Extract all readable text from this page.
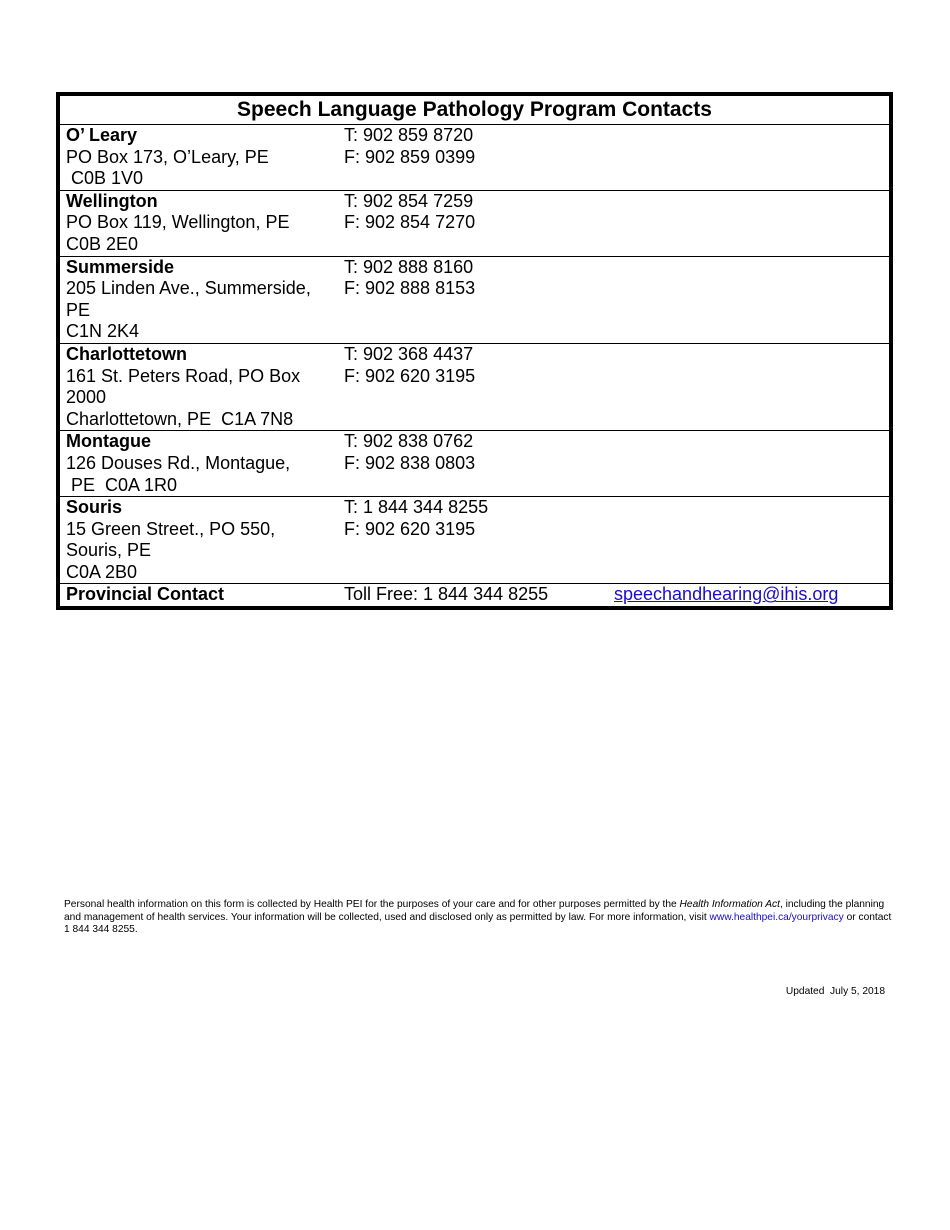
Speech Language Pathology Program Contacts
O’ Leary
PO Box 173, O’Leary, PE
C0B 1V0
T: 902 859 8720
F: 902 859 0399
Wellington
PO Box 119, Wellington, PE
C0B 2E0
T: 902 854 7259
F: 902 854 7270
Summerside
205 Linden Ave., Summerside,
PE
C1N 2K4
T: 902 888 8160
F: 902 888 8153
Charlottetown
161 St. Peters Road, PO Box
2000
Charlottetown, PE  C1A 7N8
T: 902 368 4437
F: 902 620 3195
Montague
126 Douses Rd., Montague,
PE  C0A 1R0
T: 902 838 0762
F: 902 838 0803
Souris
15 Green Street., PO 550,
Souris, PE
C0A 2B0
T: 1 844 344 8255
F: 902 620 3195
Provincial Contact	Toll Free: 1 844 344 8255	speechandhearing@ihis.org
Personal health information on this form is collected by Health PEI for the purposes of your care and for other purposes permitted by the Health Information Act, including the planning and management of health services. Your information will be collected, used and disclosed only as permitted by law. For more information, visit www.healthpei.ca/yourprivacy or contact 1 844 344 8255.
Updated  July 5, 2018
